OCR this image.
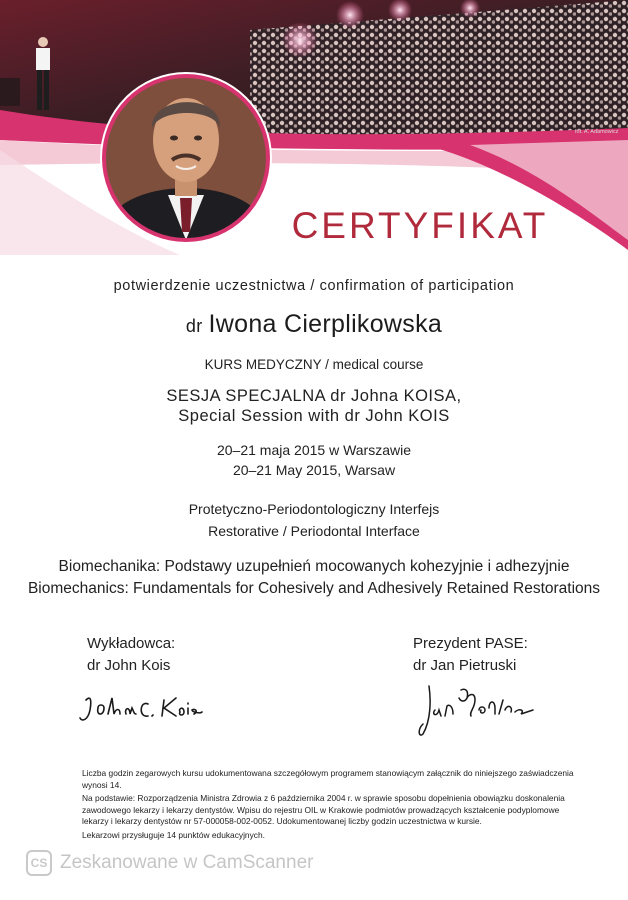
fot. A. Adamowicz
CERTYFIKAT
potwierdzenie uczestnictwa / confirmation of participation
dr Iwona Cierplikowska
KURS MEDYCZNY / medical course
SESJA SPECJALNA dr Johna KOISA,
Special Session with dr John KOIS
20–21 maja 2015 w Warszawie
20–21 May 2015, Warsaw
Protetyczno-Periodontologiczny Interfejs
Restorative / Periodontal Interface
Biomechanika: Podstawy uzupełnień mocowanych kohezyjnie i adhezyjnie
Biomechanics: Fundamentals for Cohesively and Adhesively Retained Restorations
Wykładowca:
dr John Kois
Prezydent PASE:
dr Jan Pietruski

Liczba godzin zegarowych kursu udokumentowana szczegółowym programem stanowiącym załącznik do niniejszego zaświadczenia wynosi 14.

Na podstawie: Rozporządzenia Ministra Zdrowia z 6 października 2004 r. w sprawie sposobu dopełnienia obowiązku doskonalenia zawodowego lekarzy i lekarzy dentystów. Wpisu do rejestru OIL w Krakowie podmiotów prowadzących kształcenie podyplomowe lekarzy i lekarzy dentystów nr 57-000058-002-0052. Udokumentowanej liczby godzin uczestnictwa w kursie.

Lekarzowi przysługuje 14 punktów edukacyjnych.

CS Zeskanowane w CamScanner
